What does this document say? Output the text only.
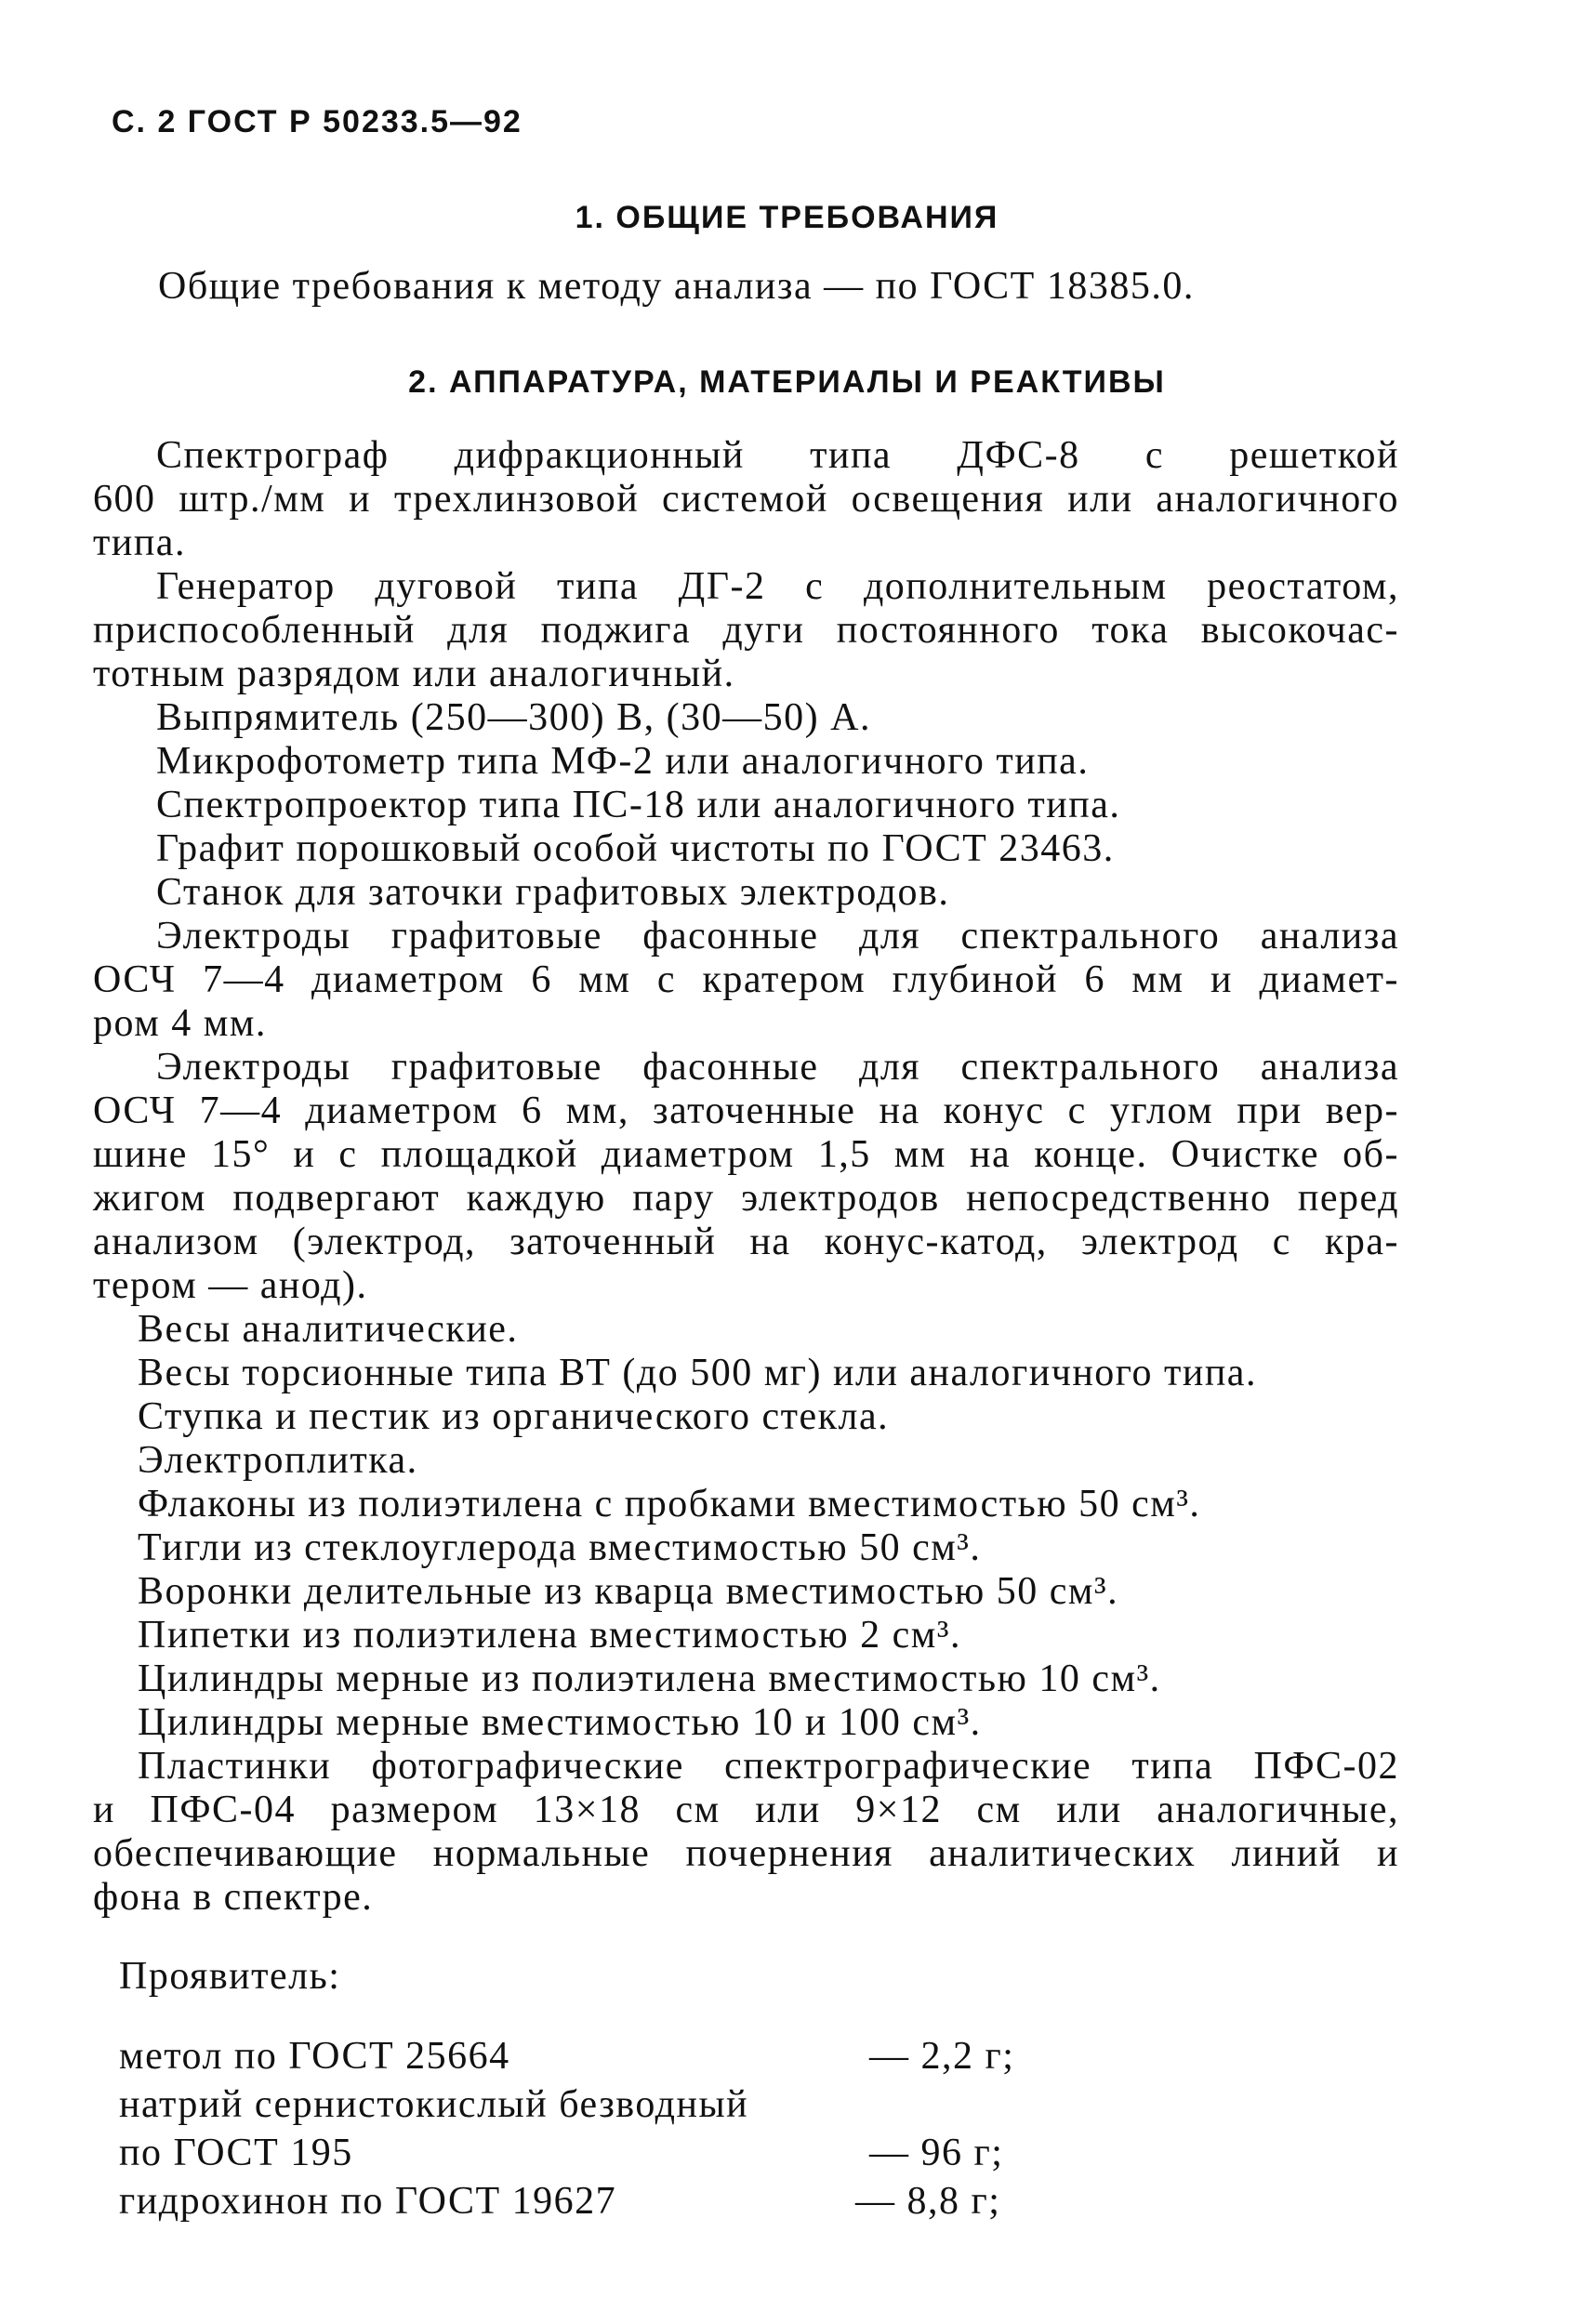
С. 2 ГОСТ Р 50233.5—92
1. ОБЩИЕ ТРЕБОВАНИЯ
Общие требования к методу анализа — по ГОСТ 18385.0.
2. АППАРАТУРА, МАТЕРИАЛЫ И РЕАКТИВЫ
Спектрограф дифракционный типа ДФС-8 с решеткой
600 штр./мм и трехлинзовой системой освещения или аналогичного
типа.
Генератор дуговой типа ДГ-2 с дополнительным реостатом,
приспособленный для поджига дуги постоянного тока высокочас-
тотным разрядом или аналогичный.
Выпрямитель (250—300) В, (30—50) А.
Микрофотометр типа МФ-2 или аналогичного типа.
Спектропроектор типа ПС-18 или аналогичного типа.
Графит порошковый особой чистоты по ГОСТ 23463.
Станок для заточки графитовых электродов.
Электроды графитовые фасонные для спектрального анализа
ОСЧ 7—4 диаметром 6 мм с кратером глубиной 6 мм и диамет-
ром 4 мм.
Электроды графитовые фасонные для спектрального анализа
ОСЧ 7—4 диаметром 6 мм, заточенные на конус с углом при вер-
шине 15° и с площадкой диаметром 1,5 мм на конце. Очистке об-
жигом подвергают каждую пару электродов непосредственно перед
анализом (электрод, заточенный на конус-катод, электрод с кра-
тером — анод).
Весы аналитические.
Весы торсионные типа ВТ (до 500 мг) или аналогичного типа.
Ступка и пестик из органического стекла.
Электроплитка.
Флаконы из полиэтилена с пробками вместимостью 50 см³.
Тигли из стеклоуглерода вместимостью 50 см³.
Воронки делительные из кварца вместимостью 50 см³.
Пипетки из полиэтилена вместимостью 2 см³.
Цилиндры мерные из полиэтилена вместимостью 10 см³.
Цилиндры мерные вместимостью 10 и 100 см³.
Пластинки фотографические спектрографические типа ПФС-02
и ПФС-04 размером 13×18 см или 9×12 см или аналогичные,
обеспечивающие нормальные почернения аналитических линий и
фона в спектре.
Проявитель:
метол по ГОСТ 25664	— 2,2 г;
натрий сернистокислый безводный
по ГОСТ 195	— 96 г;
гидрохинон по ГОСТ 19627	— 8,8 г;
